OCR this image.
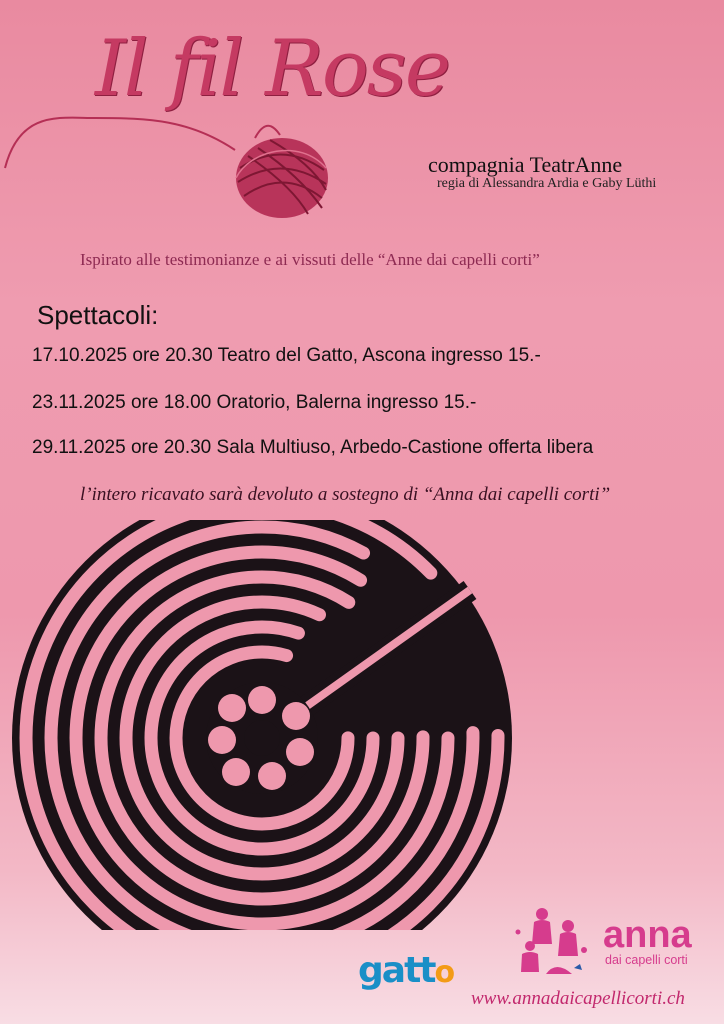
Il fil Rose
compagnia TeatrAnne
regia di Alessandra Ardia e Gaby Lüthi
Ispirato alle testimonianze e ai vissuti delle “Anne dai capelli corti”
Spettacoli:
17.10.2025 ore 20.30 Teatro del Gatto, Ascona ingresso 15.-
23.11.2025 ore 18.00 Oratorio, Balerna ingresso 15.-
29.11.2025 ore 20.30 Sala Multiuso, Arbedo-Castione offerta libera
l’intero ricavato sarà devoluto a sostegno di “Anna dai capelli corti”
gatto
anna
dai capelli corti
www.annadaicapellicorti.ch
